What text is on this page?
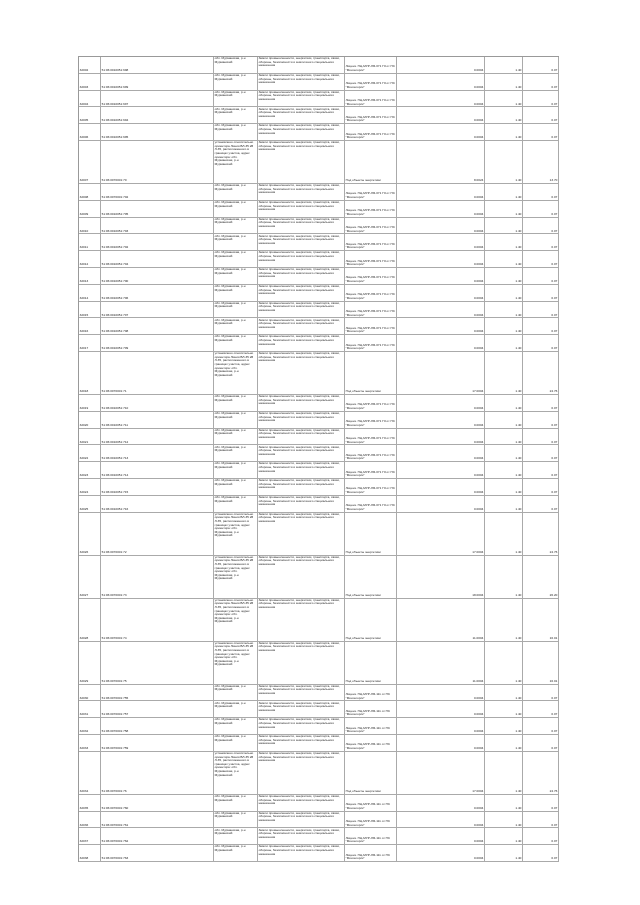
32002	51:06:0010051:698
обл. Мурманская, р-н Мурманский
Земли промышленности, энергетики, транспорта, связи, обороны, безопасности и земли иного специального назначения	Лиценз. ГЩ-МУР-ЛЯ-071 ГЗ от ПС "Мончегорск"	0.0004	1.40	0.07
32003	51:06:0010051:699
обл. Мурманская, р-н Мурманский
Земли промышленности, энергетики, транспорта, связи, обороны, безопасности и земли иного специального назначения	Лиценз. ГЩ-МУР-ЛЯ-071 ГЗ от ПС "Мончегорск"	0.0004	1.40	0.07
32004	51:06:0010051:697
обл. Мурманская, р-н Мурманский
Земли промышленности, энергетики, транспорта, связи, обороны, безопасности и земли иного специального назначения	Лиценз. ГЩ-МУР-ЛЯ-071 ГЗ от ПС "Мончегорск"	0.0004	1.40	0.07
32005	51:06:0010051:694
обл. Мурманская, р-н Мурманский
Земли промышленности, энергетики, транспорта, связи, обороны, безопасности и земли иного специального назначения	Лиценз. ГЩ-МУР-ЛЯ-071 ГЗ от ПС "Мончегорск"	0.0004	1.40	0.07
32006	51:06:0010051:695
обл. Мурманская, р-н Мурманский
Земли промышленности, энергетики, транспорта, связи, обороны, безопасности и земли иного специального назначения	Лиценз. ГЩ-МУР-ЛЯ-071 ГЗ от ПС "Мончегорск"	0.0004	1.40	0.07
32007	51:06:0070001:70
установлено относительно ориентира Линия ВЛ-35 кВ Л-35, расположенного в границах участка, адрес ориентира: обл. Мурманская, р-н Мурманский
Земли промышленности, энергетики, транспорта, связи, обороны, безопасности и земли иного специального назначения
Под объекты энергетики	8.0024	1.40	13.70
32008	51:06:0070001:702
обл. Мурманская, р-н Мурманский
Земли промышленности, энергетики, транспорта, связи, обороны, безопасности и земли иного специального назначения	Лиценз. ГЩ-МУР-ЛЯ-071 ГЗ от ПС "Мончегорск"	0.0004	1.40	0.07
32009	51:06:0010051:705
обл. Мурманская, р-н Мурманский
Земли промышленности, энергетики, транспорта, связи, обороны, безопасности и земли иного специального назначения	Лиценз. ГЩ-МУР-ЛЯ-071 ГЗ от ПС "Мончегорск"	0.0004	1.40	0.07
32010	51:06:0010051:703
обл. Мурманская, р-н Мурманский
Земли промышленности, энергетики, транспорта, связи, обороны, безопасности и земли иного специального назначения	Лиценз. ГЩ-МУР-ЛЯ-071 ГЗ от ПС "Мончегорск"	0.0004	1.40	0.07
32011	51:06:0010051:702
обл. Мурманская, р-н Мурманский
Земли промышленности, энергетики, транспорта, связи, обороны, безопасности и земли иного специального назначения	Лиценз. ГЩ-МУР-ЛЯ-071 ГЗ от ПС "Мончегорск"	0.0004	1.40	0.07
32012	51:06:0010051:704
обл. Мурманская, р-н Мурманский
Земли промышленности, энергетики, транспорта, связи, обороны, безопасности и земли иного специального назначения	Лиценз. ГЩ-МУР-ЛЯ-071 ГЗ от ПС "Мончегорск"	0.0004	1.40	0.07
32013	51:06:0010051:700
обл. Мурманская, р-н Мурманский
Земли промышленности, энергетики, транспорта, связи, обороны, безопасности и земли иного специального назначения	Лиценз. ГЩ-МУР-ЛЯ-071 ГЗ от ПС "Мончегорск"	0.0004	1.40	0.07
32014	51:06:0010051:706
обл. Мурманская, р-н Мурманский
Земли промышленности, энергетики, транспорта, связи, обороны, безопасности и земли иного специального назначения	Лиценз. ГЩ-МУР-ЛЯ-071 ГЗ от ПС "Мончегорск"	0.0004	1.40	0.07
32015	51:06:0010051:707
обл. Мурманская, р-н Мурманский
Земли промышленности, энергетики, транспорта, связи, обороны, безопасности и земли иного специального назначения	Лиценз. ГЩ-МУР-ЛЯ-071 ГЗ от ПС "Мончегорск"	0.0004	1.40	0.07
32016	51:06:0010051:708
обл. Мурманская, р-н Мурманский
Земли промышленности, энергетики, транспорта, связи, обороны, безопасности и земли иного специального назначения	Лиценз. ГЩ-МУР-ЛЯ-071 ГЗ от ПС "Мончегорск"	0.0004	1.40	0.07
32017	51:06:0010051:709
обл. Мурманская, р-н Мурманский
Земли промышленности, энергетики, транспорта, связи, обороны, безопасности и земли иного специального назначения	Лиценз. ГЩ-МУР-ЛЯ-071 ГЗ от ПС "Мончегорск"	0.0004	1.40	0.07
32018	51:06:0070001:71
установлено относительно ориентира Линия ВЛ-35 кВ Л-35, расположенного в границах участка, адрес ориентира: обл. Мурманская, р-н Мурманский
Земли промышленности, энергетики, транспорта, связи, обороны, безопасности и земли иного специального назначения
Под объекты энергетики	17.0004	1.40	24.76
32019	51:06:0010051:710
обл. Мурманская, р-н Мурманский
Земли промышленности, энергетики, транспорта, связи, обороны, безопасности и земли иного специального назначения	Лиценз. ГЩ-МУР-ЛЯ-071 ГЗ от ПС "Мончегорск"	0.0004	1.40	0.07
32020	51:06:0010051:711
обл. Мурманская, р-н Мурманский
Земли промышленности, энергетики, транспорта, связи, обороны, безопасности и земли иного специального назначения	Лиценз. ГЩ-МУР-ЛЯ-071 ГЗ от ПС "Мончегорск"	0.0004	1.40	0.07
32021	51:06:0010051:712
обл. Мурманская, р-н Мурманский
Земли промышленности, энергетики, транспорта, связи, обороны, безопасности и земли иного специального назначения	Лиценз. ГЩ-МУР-ЛЯ-071 ГЗ от ПС "Мончегорск"	0.0004	1.40	0.07
32022	51:06:0010051:713
обл. Мурманская, р-н Мурманский
Земли промышленности, энергетики, транспорта, связи, обороны, безопасности и земли иного специального назначения	Лиценз. ГЩ-МУР-ЛЯ-071 ГЗ от ПС "Мончегорск"	0.0004	1.40	0.07
32023	51:06:0010051:714
обл. Мурманская, р-н Мурманский
Земли промышленности, энергетики, транспорта, связи, обороны, безопасности и земли иного специального назначения	Лиценз. ГЩ-МУР-ЛЯ-071 ГЗ от ПС "Мончегорск"	0.0004	1.40	0.07
32024	51:06:0010051:715
обл. Мурманская, р-н Мурманский
Земли промышленности, энергетики, транспорта, связи, обороны, безопасности и земли иного специального назначения	Лиценз. ГЩ-МУР-ЛЯ-071 ГЗ от ПС "Мончегорск"	0.0004	1.40	0.07
32025	51:06:0010051:716
обл. Мурманская, р-н Мурманский
Земли промышленности, энергетики, транспорта, связи, обороны, безопасности и земли иного специального назначения	Лиценз. ГЩ-МУР-ЛЯ-071 ГЗ от ПС "Мончегорск"	0.0004	1.40	0.07
32026	51:06:0070001:72
установлено относительно ориентира Линия ВЛ-35 кВ Л-35, расположенного в границах участка, адрес ориентира: обл. Мурманская, р-н Мурманский
Земли промышленности, энергетики, транспорта, связи, обороны, безопасности и земли иного специального назначения
Под объекты энергетики	17.0004	1.40	24.76
32027	51:06:0070001:73
установлено относительно ориентира Линия ВЛ-35 кВ Л-35, расположенного в границах участка, адрес ориентира: обл. Мурманская, р-н Мурманский
Земли промышленности, энергетики, транспорта, связи, обороны, безопасности и земли иного специального назначения
Под объекты энергетики	18.0004	1.40	26.20
32028	51:06:0070001:74
установлено относительно ориентира Линия ВЛ-35 кВ Л-35, расположенного в границах участка, адрес ориентира: обл. Мурманская, р-н Мурманский
Земли промышленности, энергетики, транспорта, связи, обороны, безопасности и земли иного специального назначения
Под объекты энергетики	11.0004	1.40	16.01
32029	51:06:0070001:75
установлено относительно ориентира Линия ВЛ-35 кВ Л-35, расположенного в границах участка, адрес ориентира: обл. Мурманская, р-н Мурманский
Земли промышленности, энергетики, транспорта, связи, обороны, безопасности и земли иного специального назначения
Под объекты энергетики	11.0004	1.40	16.01
32030	51:06:0070001:755
обл. Мурманская, р-н Мурманский
Земли промышленности, энергетики, транспорта, связи, обороны, безопасности и земли иного специального назначения	Лиценз. ГЩ-МУР-ЛЯ-111 от ПС "Мончегорск"	0.0004	1.40	0.07
32031	51:06:0070001:757
обл. Мурманская, р-н Мурманский
Земли промышленности, энергетики, транспорта, связи, обороны, безопасности и земли иного специального назначения	Лиценз. ГЩ-МУР-ЛЯ-111 от ПС "Мончегорск"	0.0004	1.40	0.07
32032	51:06:0070001:758
обл. Мурманская, р-н Мурманский
Земли промышленности, энергетики, транспорта, связи, обороны, безопасности и земли иного специального назначения	Лиценз. ГЩ-МУР-ЛЯ-111 от ПС "Мончегорск"	0.0004	1.40	0.07
32033	51:06:0070001:759
обл. Мурманская, р-н Мурманский
Земли промышленности, энергетики, транспорта, связи, обороны, безопасности и земли иного специального назначения	Лиценз. ГЩ-МУР-ЛЯ-111 от ПС "Мончегорск"	0.0004	1.40	0.07
32034	51:06:0070001:76
установлено относительно ориентира Линия ВЛ-35 кВ Л-35, расположенного в границах участка, адрес ориентира: обл. Мурманская, р-н Мурманский
Земли промышленности, энергетики, транспорта, связи, обороны, безопасности и земли иного специального назначения
Под объекты энергетики	17.0004	1.40	24.76
32035	51:06:0070001:760
обл. Мурманская, р-н Мурманский
Земли промышленности, энергетики, транспорта, связи, обороны, безопасности и земли иного специального назначения	Лиценз. ГЩ-МУР-ЛЯ-111 от ПС "Мончегорск"	0.0004	1.40	0.07
32036	51:06:0070001:761
обл. Мурманская, р-н Мурманский
Земли промышленности, энергетики, транспорта, связи, обороны, безопасности и земли иного специального назначения	Лиценз. ГЩ-МУР-ЛЯ-111 от ПС "Мончегорск"	0.0004	1.40	0.07
32037	51:06:0070001:762
обл. Мурманская, р-н Мурманский
Земли промышленности, энергетики, транспорта, связи, обороны, безопасности и земли иного специального назначения	Лиценз. ГЩ-МУР-ЛЯ-111 от ПС "Мончегорск"	0.0004	1.40	0.07
32038	51:06:0070001:763
обл. Мурманская, р-н Мурманский
Земли промышленности, энергетики, транспорта, связи, обороны, безопасности и земли иного специального назначения	Лиценз. ГЩ-МУР-ЛЯ-111 от ПС "Мончегорск"	0.0004	1.40	0.07
